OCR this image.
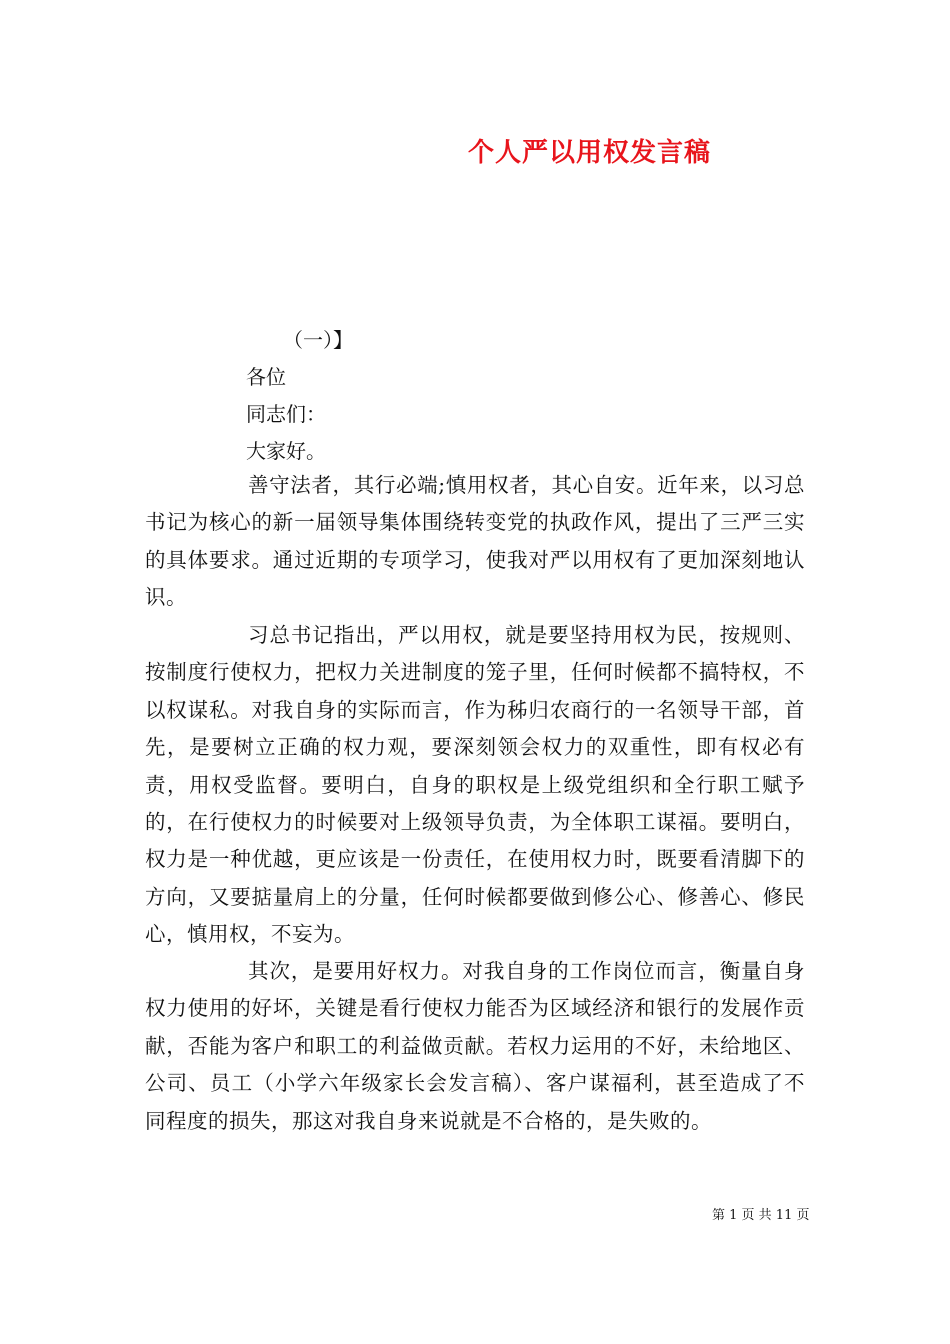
个人严以用权发言稿
（一）】
各位
同志们：
大家好。
善守法者，其行必端;慎用权者，其心自安。近年来，以习总书记为核心的新一届领导集体围绕转变党的执政作风，提出了三严三实的具体要求。通过近期的专项学习，使我对严以用权有了更加深刻地认识。
习总书记指出，严以用权，就是要坚持用权为民，按规则、按制度行使权力，把权力关进制度的笼子里，任何时候都不搞特权，不以权谋私。对我自身的实际而言，作为秭归农商行的一名领导干部，首先，是要树立正确的权力观，要深刻领会权力的双重性，即有权必有责，用权受监督。要明白，自身的职权是上级党组织和全行职工赋予的，在行使权力的时候要对上级领导负责，为全体职工谋福。要明白，权力是一种优越，更应该是一份责任，在使用权力时，既要看清脚下的方向，又要掂量肩上的分量，任何时候都要做到修公心、修善心、修民心，慎用权，不妄为。
其次，是要用好权力。对我自身的工作岗位而言，衡量自身权力使用的好坏，关键是看行使权力能否为区域经济和银行的发展作贡献，否能为客户和职工的利益做贡献。若权力运用的不好，未给地区、公司、员工（小学六年级家长会发言稿）、客户谋福利，甚至造成了不同程度的损失，那这对我自身来说就是不合格的，是失败的。
第 1 页 共 11 页
